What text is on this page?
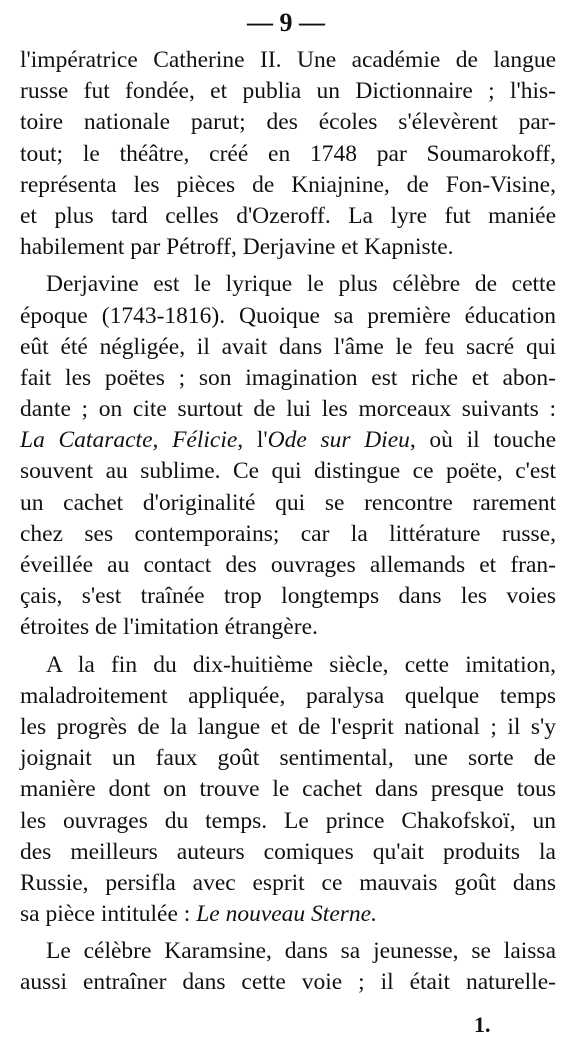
— 9 —
l'impératrice Catherine II. Une académie de langue
russe fut fondée, et publia un Dictionnaire ; l'his-
toire nationale parut; des écoles s'élevèrent par-
tout; le théâtre, créé en 1748 par Soumarokoff,
représenta les pièces de Kniajnine, de Fon-Visine,
et plus tard celles d'Ozeroff. La lyre fut maniée
habilement par Pétroff, Derjavine et Kapniste.
Derjavine est le lyrique le plus célèbre de cette
époque (1743-1816). Quoique sa première éducation
eût été négligée, il avait dans l'âme le feu sacré qui
fait les poëtes ; son imagination est riche et abon-
dante ; on cite surtout de lui les morceaux suivants :
La Cataracte, Félicie, l'Ode sur Dieu, où il touche
souvent au sublime. Ce qui distingue ce poëte, c'est
un cachet d'originalité qui se rencontre rarement
chez ses contemporains; car la littérature russe,
éveillée au contact des ouvrages allemands et fran-
çais, s'est traînée trop longtemps dans les voies
étroites de l'imitation étrangère.
A la fin du dix-huitième siècle, cette imitation,
maladroitement appliquée, paralysa quelque temps
les progrès de la langue et de l'esprit national ; il s'y
joignait un faux goût sentimental, une sorte de
manière dont on trouve le cachet dans presque tous
les ouvrages du temps. Le prince Chakofskoï, un
des meilleurs auteurs comiques qu'ait produits la
Russie, persifla avec esprit ce mauvais goût dans
sa pièce intitulée : Le nouveau Sterne.
Le célèbre Karamsine, dans sa jeunesse, se laissa
aussi entraîner dans cette voie ; il était naturelle-
1.
